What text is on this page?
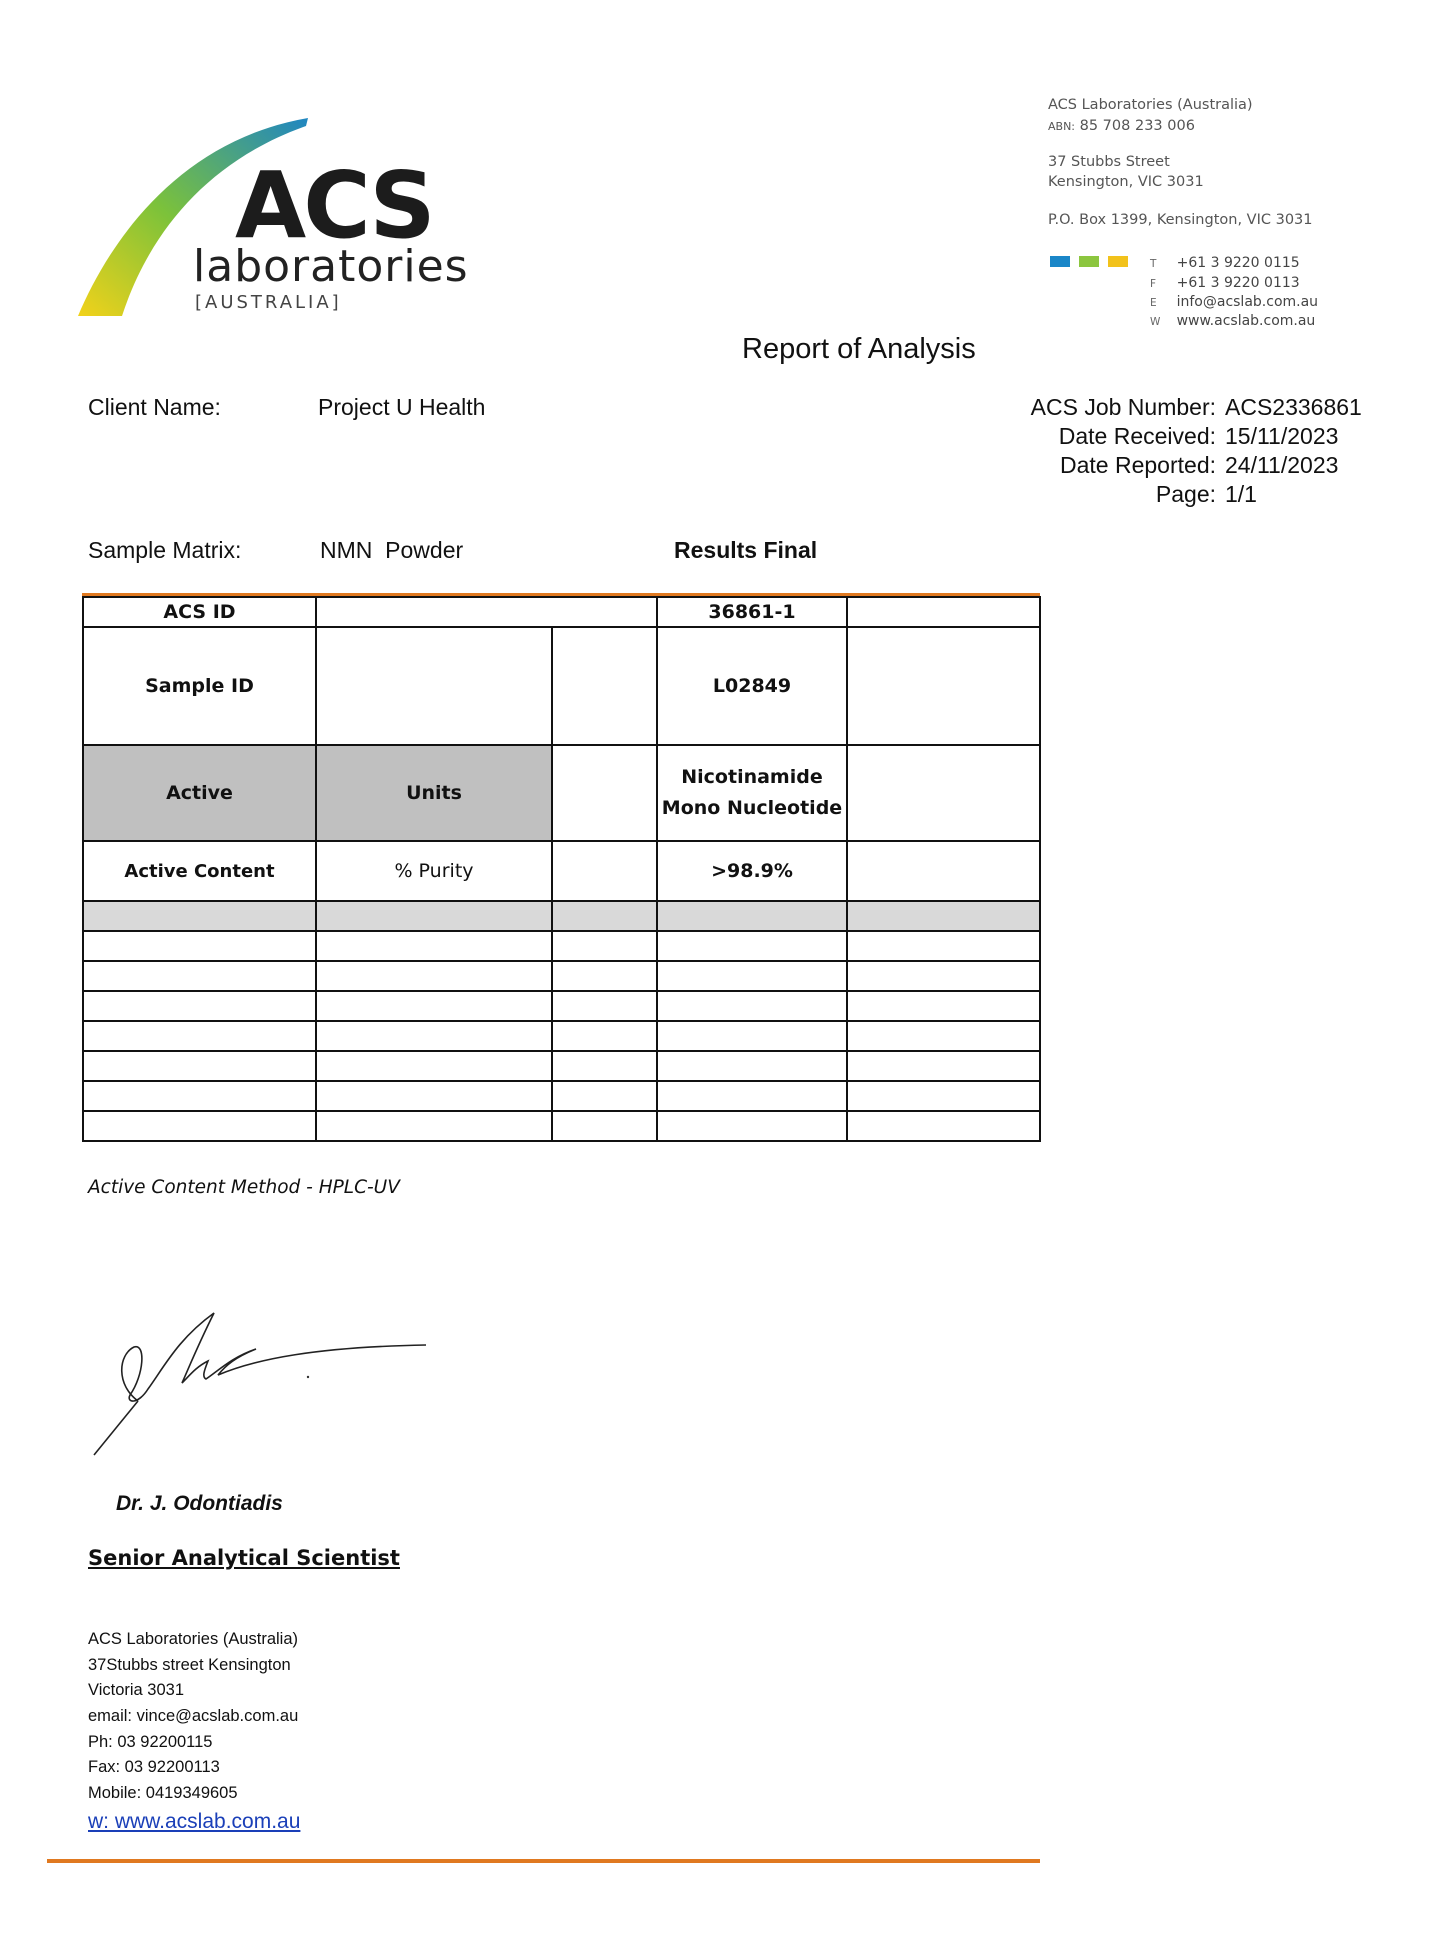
ACS
laboratories
[AUSTRALIA]
ACS Laboratories (Australia)
ABN: 85 708 233 006
37 Stubbs Street
Kensington, VIC 3031
P.O. Box 1399, Kensington, VIC 3031
T +61 3 9220 0115
F +61 3 9220 0113
E info@acslab.com.au
W www.acslab.com.au
Report of Analysis
Client Name:	Project U Health	ACS Job Number: ACS2336861
Date Received: 15/11/2023
Date Reported: 24/11/2023
Page: 1/1
Sample Matrix:	NMN  Powder	Results Final
ACS ID			36861-1	
Sample ID			L02849	
Active	Units		Nicotinamide
Mono Nucleotide	

Active Content	% Purity		>98.9%	

Active Content Method - HPLC-UV
Dr. J. Odontiadis
Senior Analytical Scientist
ACS Laboratories (Australia)
37Stubbs street Kensington
Victoria 3031
email: vince@acslab.com.au
Ph: 03 92200115
Fax: 03 92200113
Mobile: 0419349605
w: www.acslab.com.au
